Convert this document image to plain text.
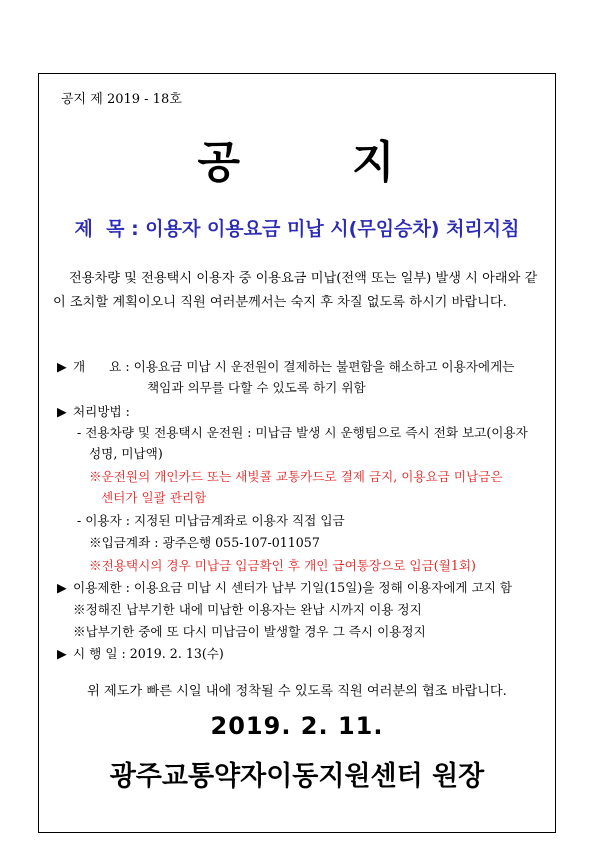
공지 제 2019 - 18호
공	지
제  목 : 이용자 이용요금 미납 시(무임승차) 처리지침
전용차량 및 전용택시 이용자 중 이용요금 미납(전액 또는 일부) 발생 시 아래와 같이 조치할 계획이오니 직원 여러분께서는 숙지 후 차질 없도록 하시기 바랍니다.
▶ 개      요 : 이용요금 미납 시 운전원이 결제하는 불편함을 해소하고 이용자에게는
책임과 의무를 다할 수 있도록 하기 위함
▶ 처리방법 :
- 전용차량 및 전용택시 운전원 : 미납금 발생 시 운행팀으로 즉시 전화 보고(이용자
성명, 미납액)
※운전원의 개인카드 또는 새빛콜 교통카드로 결제 금지, 이용요금 미납금은
센터가 일괄 관리함
- 이용자 : 지정된 미납금계좌로 이용자 직접 입금
※입금계좌 : 광주은행 055-107-011057
※전용택시의 경우 미납금 입금확인 후 개인 급여통장으로 입금(월1회)
▶ 이용제한 : 이용요금 미납 시 센터가 납부 기일(15일)을 정해 이용자에게 고지 함
※정해진 납부기한 내에 미납한 이용자는 완납 시까지 이용 정지
※납부기한 중에 또 다시 미납금이 발생할 경우 그 즉시 이용정지
▶ 시 행 일 : 2019. 2. 13(수)
위 제도가 빠른 시일 내에 정착될 수 있도록 직원 여러분의 협조 바랍니다.
2019. 2. 11.
광주교통약자이동지원센터 원장
